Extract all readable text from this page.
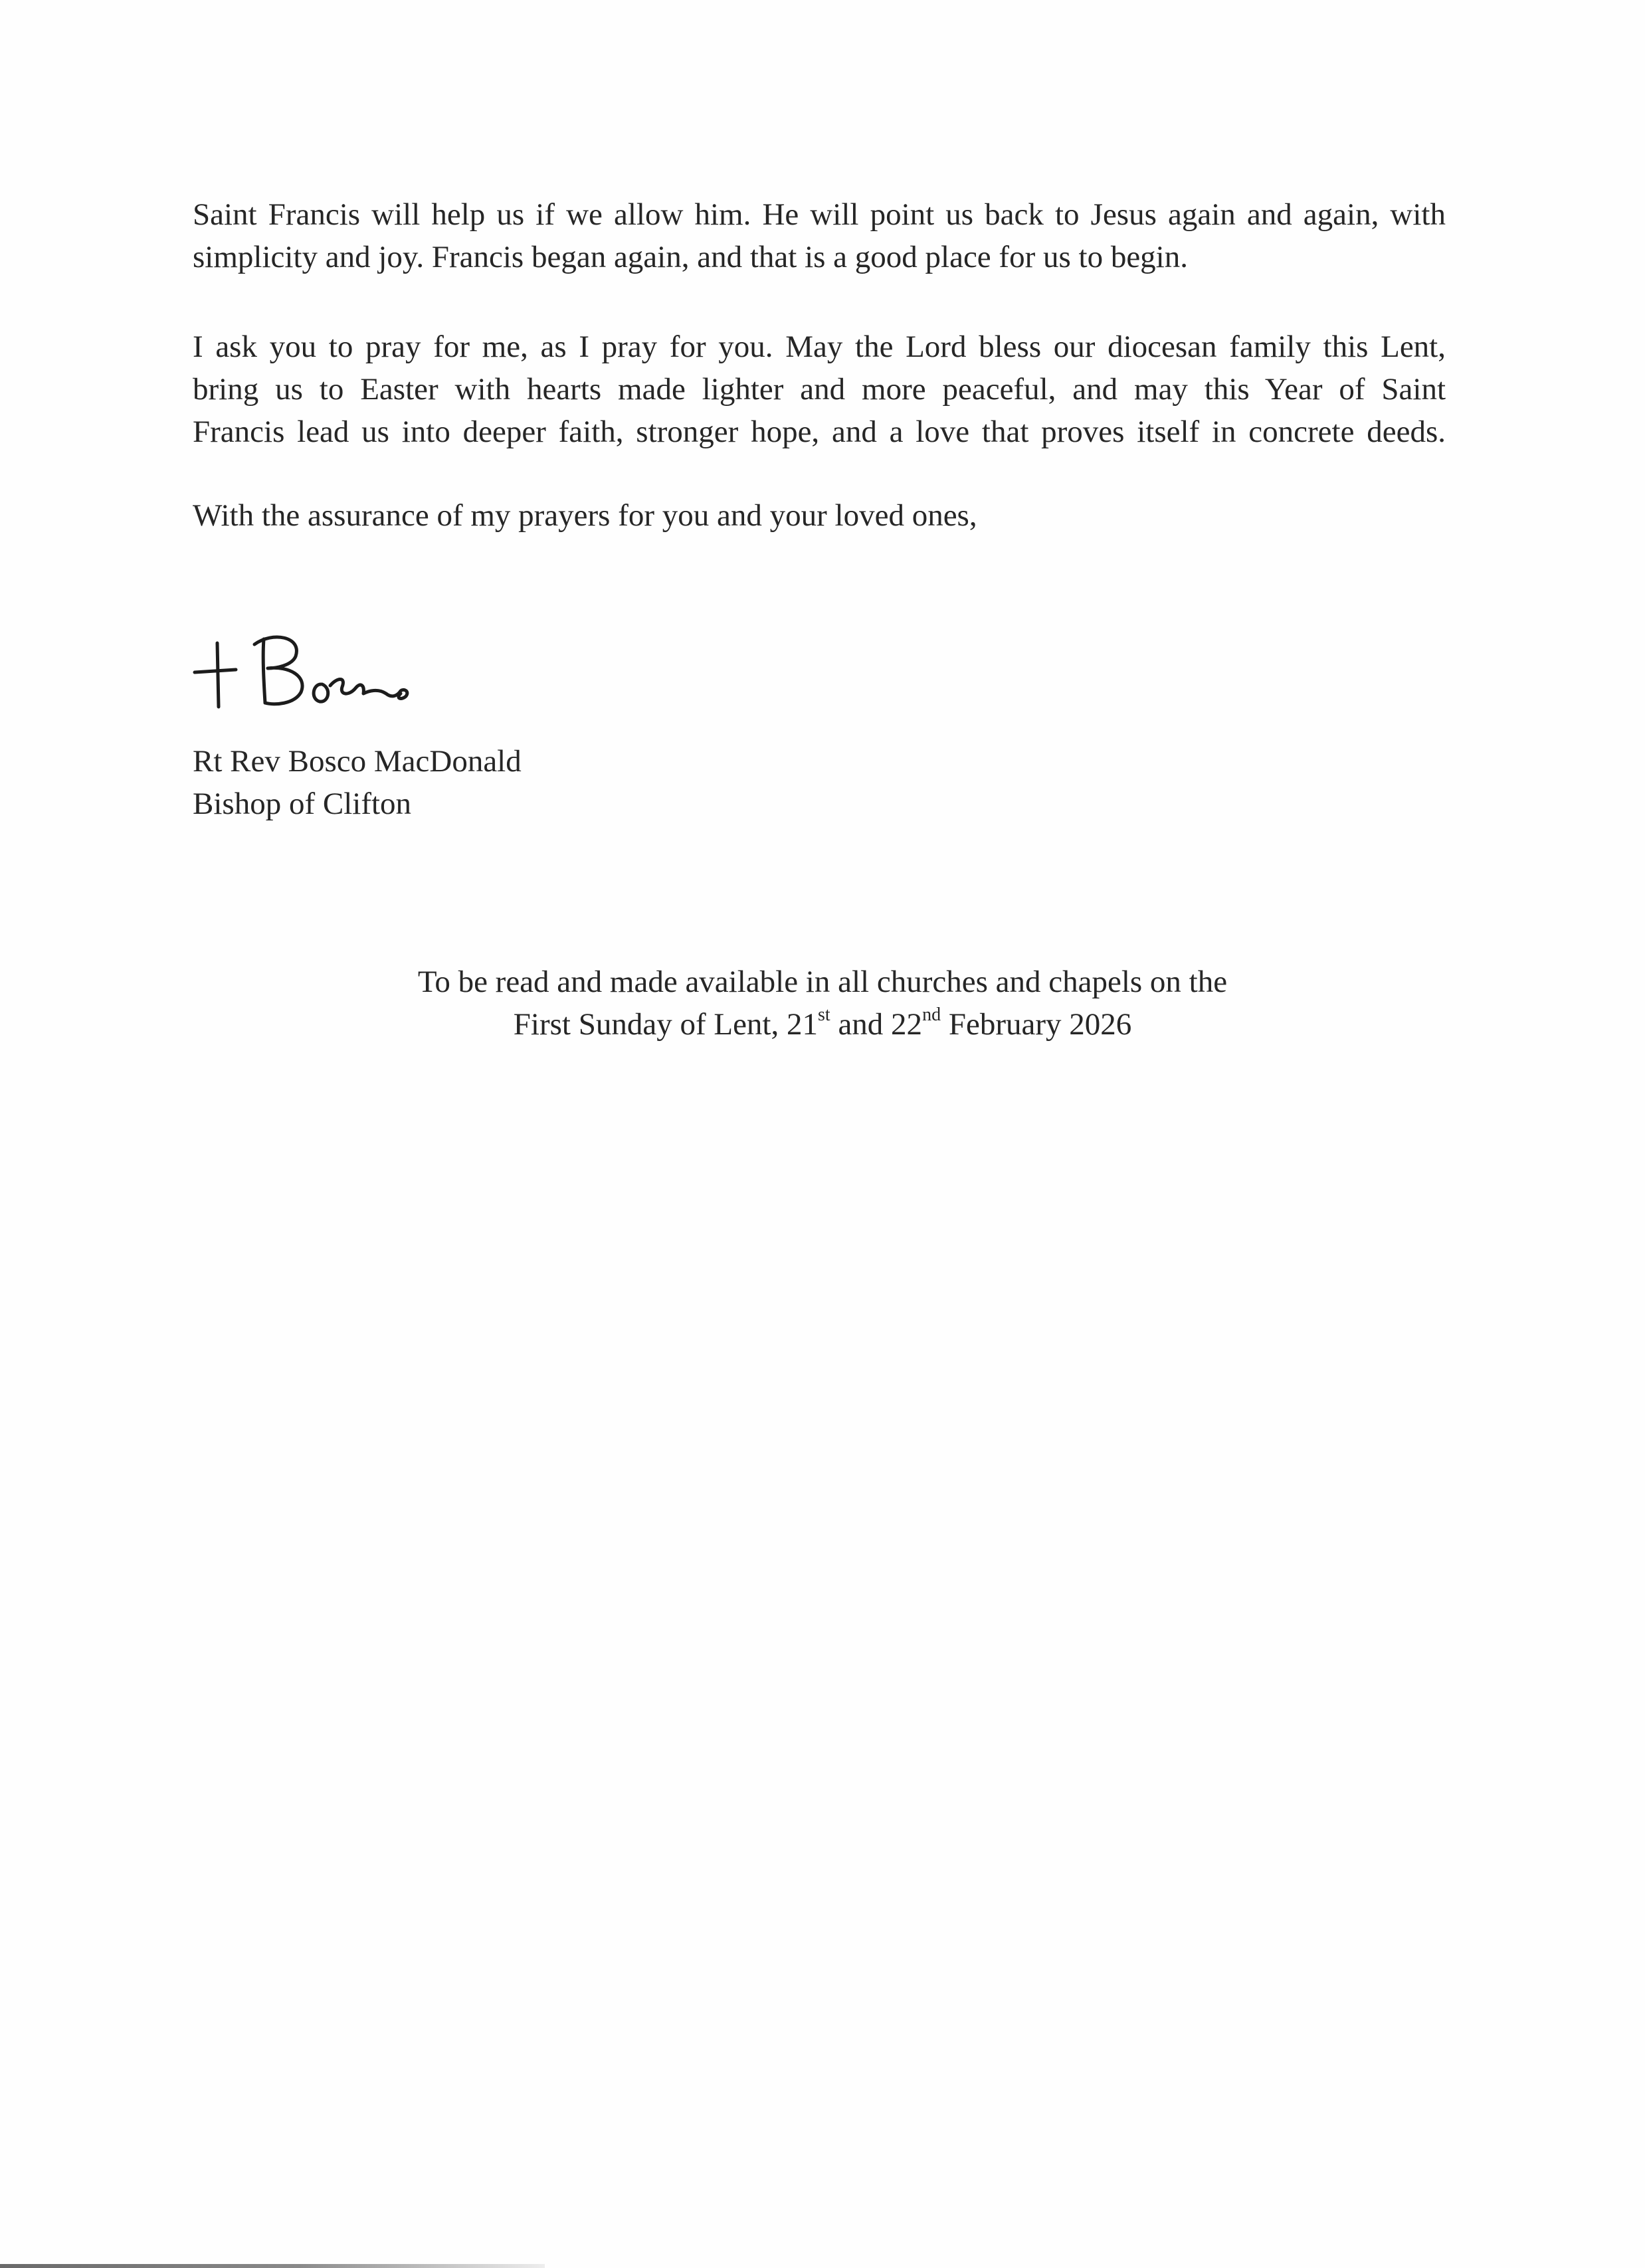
Saint Francis will help us if we allow him. He will point us back to Jesus again and again, with
simplicity and joy. Francis began again, and that is a good place for us to begin.

I ask you to pray for me, as I pray for you. May the Lord bless our diocesan family this Lent,
bring us to Easter with hearts made lighter and more peaceful, and may this Year of Saint
Francis lead us into deeper faith, stronger hope, and a love that proves itself in concrete deeds.

With the assurance of my prayers for you and your loved ones,

Rt Rev Bosco MacDonald
Bishop of Clifton
To be read and made available in all churches and chapels on the
First Sunday of Lent, 21st and 22nd February 2026
